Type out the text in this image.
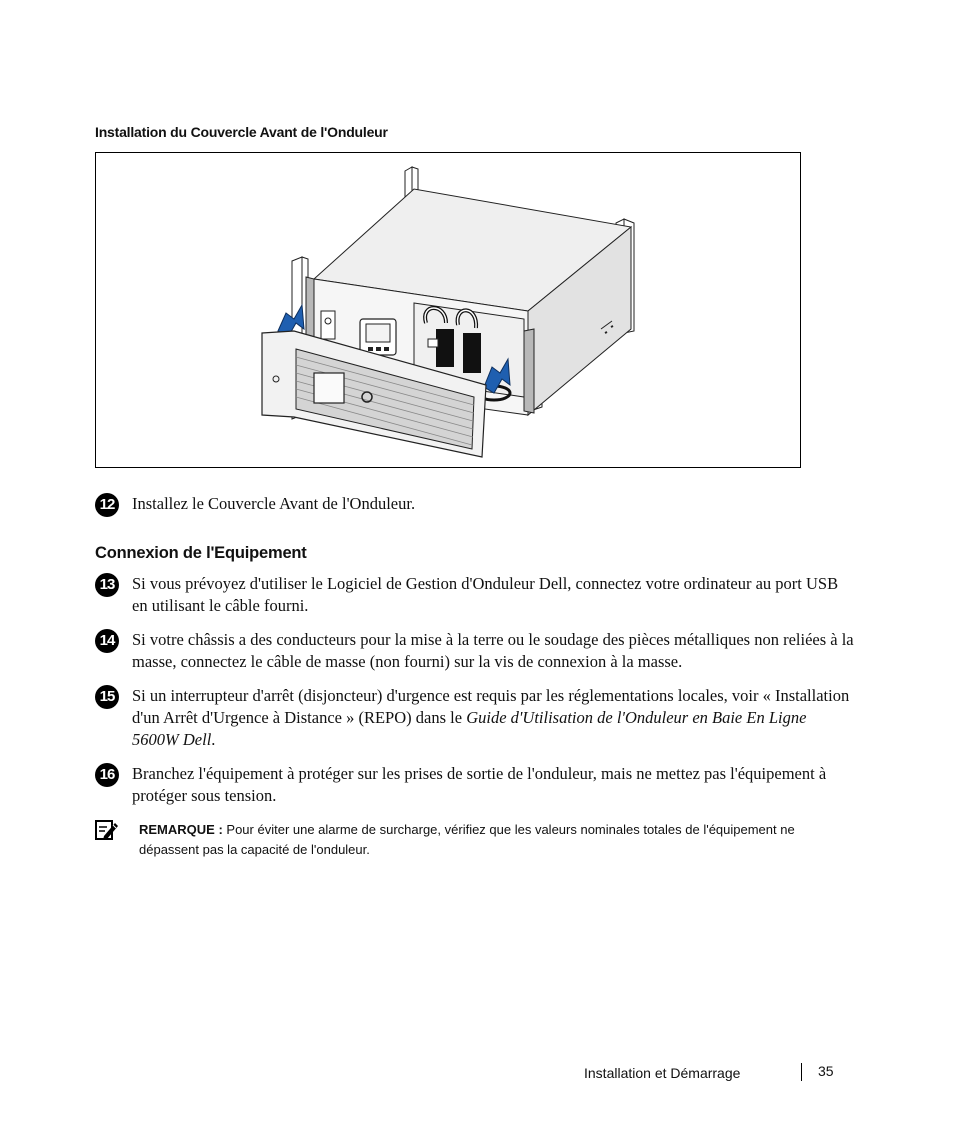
Installation du Couvercle Avant de l'Onduleur
12 Installez le Couvercle Avant de l'Onduleur.
Connexion de l'Equipement
13 Si vous prévoyez d'utiliser le Logiciel de Gestion d'Onduleur Dell, connectez votre ordinateur au port USB en utilisant le câble fourni.
14 Si votre châssis a des conducteurs pour la mise à la terre ou le soudage des pièces métalliques non reliées à la masse, connectez le câble de masse (non fourni) sur la vis de connexion à la masse.
15 Si un interrupteur d'arrêt (disjoncteur) d'urgence est requis par les réglementations locales, voir « Installation d'un Arrêt d'Urgence à Distance » (REPO) dans le Guide d'Utilisation de l'Onduleur en Baie En Ligne 5600W Dell.
16 Branchez l'équipement à protéger sur les prises de sortie de l'onduleur, mais ne mettez pas l'équipement à protéger sous tension.
REMARQUE : Pour éviter une alarme de surcharge, vérifiez que les valeurs nominales totales de l'équipement ne dépassent pas la capacité de l'onduleur.
Installation et Démarrage	35
